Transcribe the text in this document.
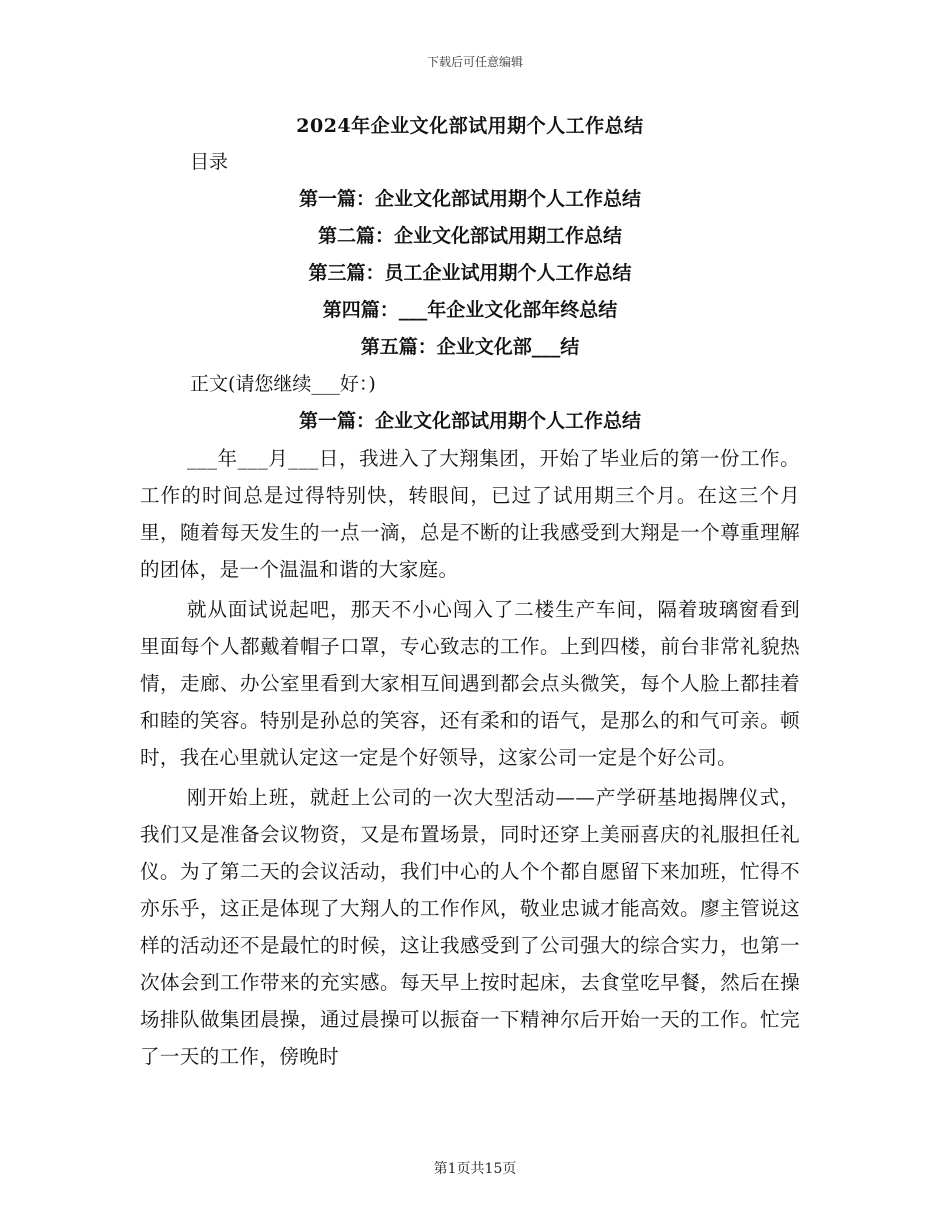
下载后可任意编辑
2024年企业文化部试用期个人工作总结

目录

第一篇：企业文化部试用期个人工作总结

第二篇：企业文化部试用期工作总结

第三篇：员工企业试用期个人工作总结

第四篇：___年企业文化部年终总结

第五篇：企业文化部___结

正文(请您继续___好：)

第一篇：企业文化部试用期个人工作总结

___年___月___日，我进入了大翔集团，开始了毕业后的第一份工作。工作的时间总是过得特别快，转眼间，已过了试用期三个月。在这三个月里，随着每天发生的一点一滴，总是不断的让我感受到大翔是一个尊重理解的团体，是一个温温和谐的大家庭。

就从面试说起吧，那天不小心闯入了二楼生产车间，隔着玻璃窗看到里面每个人都戴着帽子口罩，专心致志的工作。上到四楼，前台非常礼貌热情，走廊、办公室里看到大家相互间遇到都会点头微笑，每个人脸上都挂着和睦的笑容。特别是孙总的笑容，还有柔和的语气，是那么的和气可亲。顿时，我在心里就认定这一定是个好领导，这家公司一定是个好公司。

刚开始上班，就赶上公司的一次大型活动——产学研基地揭牌仪式，我们又是准备会议物资，又是布置场景，同时还穿上美丽喜庆的礼服担任礼仪。为了第二天的会议活动，我们中心的人个个都自愿留下来加班，忙得不亦乐乎，这正是体现了大翔人的工作作风，敬业忠诚才能高效。廖主管说这样的活动还不是最忙的时候，这让我感受到了公司强大的综合实力，也第一次体会到工作带来的充实感。每天早上按时起床，去食堂吃早餐，然后在操场排队做集团晨操，通过晨操可以振奋一下精神尔后开始一天的工作。忙完了一天的工作，傍晚时

第1页共15页
